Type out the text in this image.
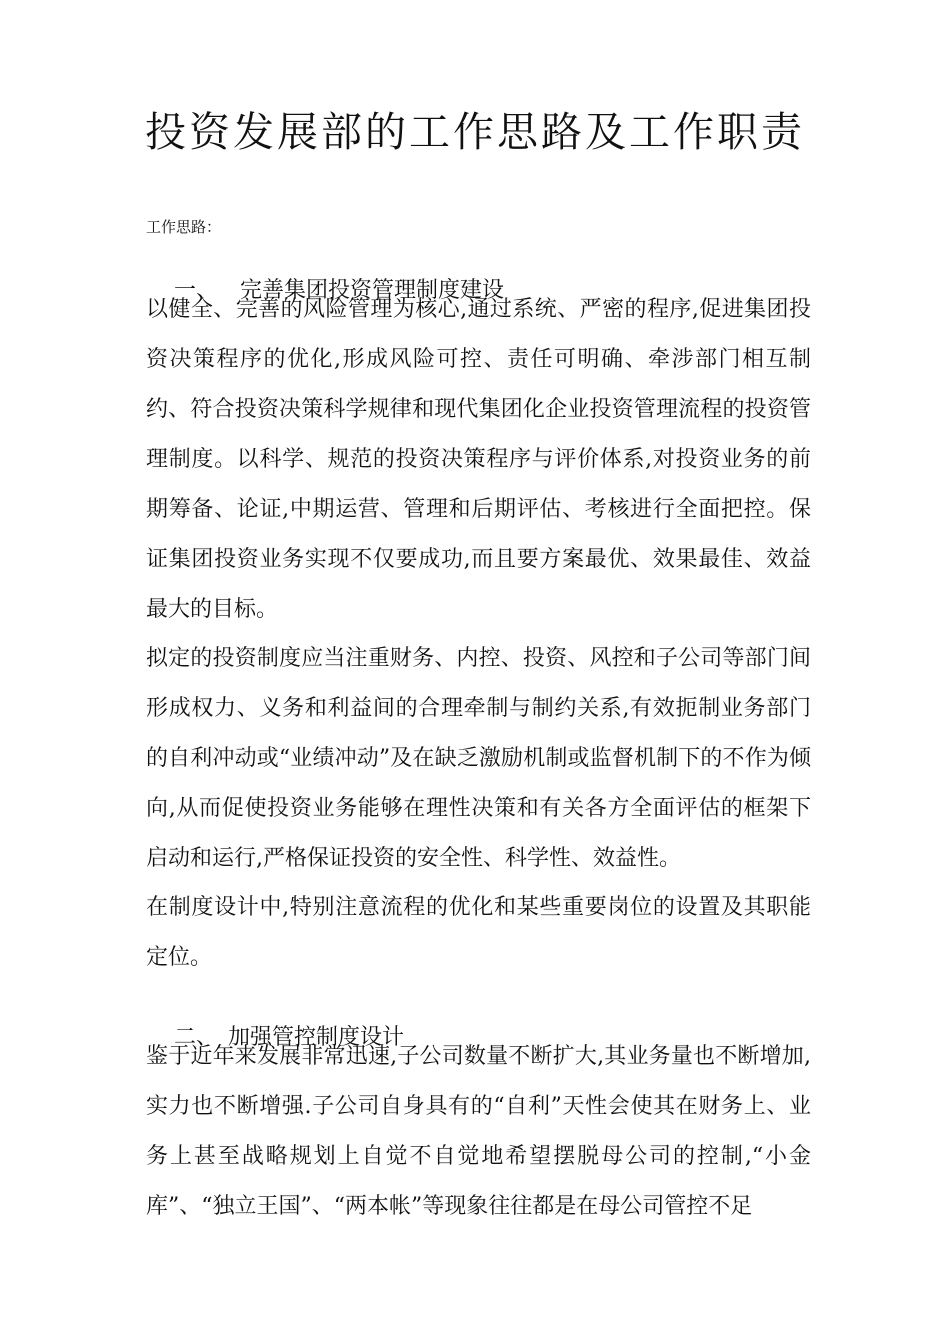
投资发展部的工作思路及工作职责
工作思路：

一、 完善集团投资管理制度建设

以健全、完善的风险管理为核心,通过系统、严密的程序,促进集团投资决策程序的优化,形成风险可控、责任可明确、牵涉部门相互制约、符合投资决策科学规律和现代集团化企业投资管理流程的投资管理制度。以科学、规范的投资决策程序与评价体系,对投资业务的前期筹备、论证,中期运营、管理和后期评估、考核进行全面把控。保证集团投资业务实现不仅要成功,而且要方案最优、效果最佳、效益最大的目标。

拟定的投资制度应当注重财务、内控、投资、风控和子公司等部门间形成权力、义务和利益间的合理牵制与制约关系,有效扼制业务部门的自利冲动或“业绩冲动”及在缺乏激励机制或监督机制下的不作为倾向,从而促使投资业务能够在理性决策和有关各方全面评估的框架下启动和运行,严格保证投资的安全性、科学性、效益性。

在制度设计中,特别注意流程的优化和某些重要岗位的设置及其职能定位。

二、 加强管控制度设计

鉴于近年来发展非常迅速,子公司数量不断扩大,其业务量也不断增加,实力也不断增强.子公司自身具有的“自利”天性会使其在财务上、业务上甚至战略规划上自觉不自觉地希望摆脱母公司的控制,“小金库”、“独立王国”、“两本帐”等现象往往都是在母公司管控不足
